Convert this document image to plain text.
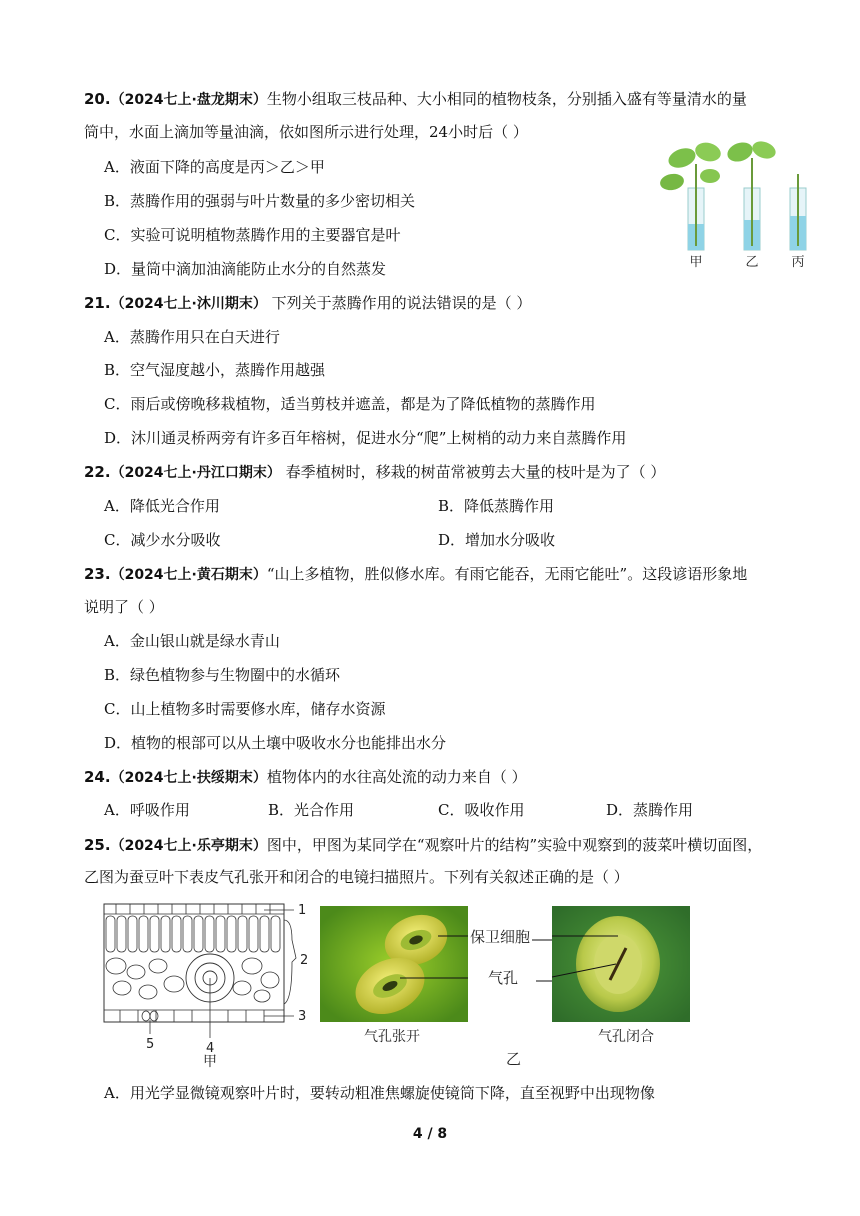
20.（2024七上·盘龙期末）生物小组取三枝品种、大小相同的植物枝条，分别插入盛有等量清水的量
筒中，水面上滴加等量油滴，依如图所示进行处理，24小时后（ ）
A．液面下降的高度是丙＞乙＞甲
B．蒸腾作用的强弱与叶片数量的多少密切相关
C．实验可说明植物蒸腾作用的主要器官是叶
D．量筒中滴加油滴能防止水分的自然蒸发	甲	乙	丙
21.（2024七上·沐川期末） 下列关于蒸腾作用的说法错误的是（ ）
A．蒸腾作用只在白天进行
B．空气湿度越小，蒸腾作用越强
C．雨后或傍晚移栽植物，适当剪枝并遮盖，都是为了降低植物的蒸腾作用
D．沐川通灵桥两旁有许多百年榕树，促进水分“爬”上树梢的动力来自蒸腾作用
22.（2024七上·丹江口期末） 春季植树时，移栽的树苗常被剪去大量的枝叶是为了（ ）
A．降低光合作用	B．降低蒸腾作用
C．减少水分吸收	D．增加水分吸收
23.（2024七上·黄石期末）“山上多植物，胜似修水库。有雨它能吞，无雨它能吐”。这段谚语形象地
说明了（ ）
A．金山银山就是绿水青山
B．绿色植物参与生物圈中的水循环
C．山上植物多时需要修水库，储存水资源
D．植物的根部可以从土壤中吸收水分也能排出水分
24.（2024七上·扶绥期末）植物体内的水往高处流的动力来自（ ）
A．呼吸作用	B．光合作用	C．吸收作用	D．蒸腾作用
25.（2024七上·乐亭期末）图中，甲图为某同学在“观察叶片的结构”实验中观察到的菠菜叶横切面图，
乙图为蚕豆叶下表皮气孔张开和闭合的电镜扫描照片。下列有关叙述正确的是（ ）
1
2
3
4
5
甲
保卫细胞
气孔
气孔张开	气孔闭合
乙
A．用光学显微镜观察叶片时，要转动粗准焦螺旋使镜筒下降，直至视野中出现物像
4 / 8
